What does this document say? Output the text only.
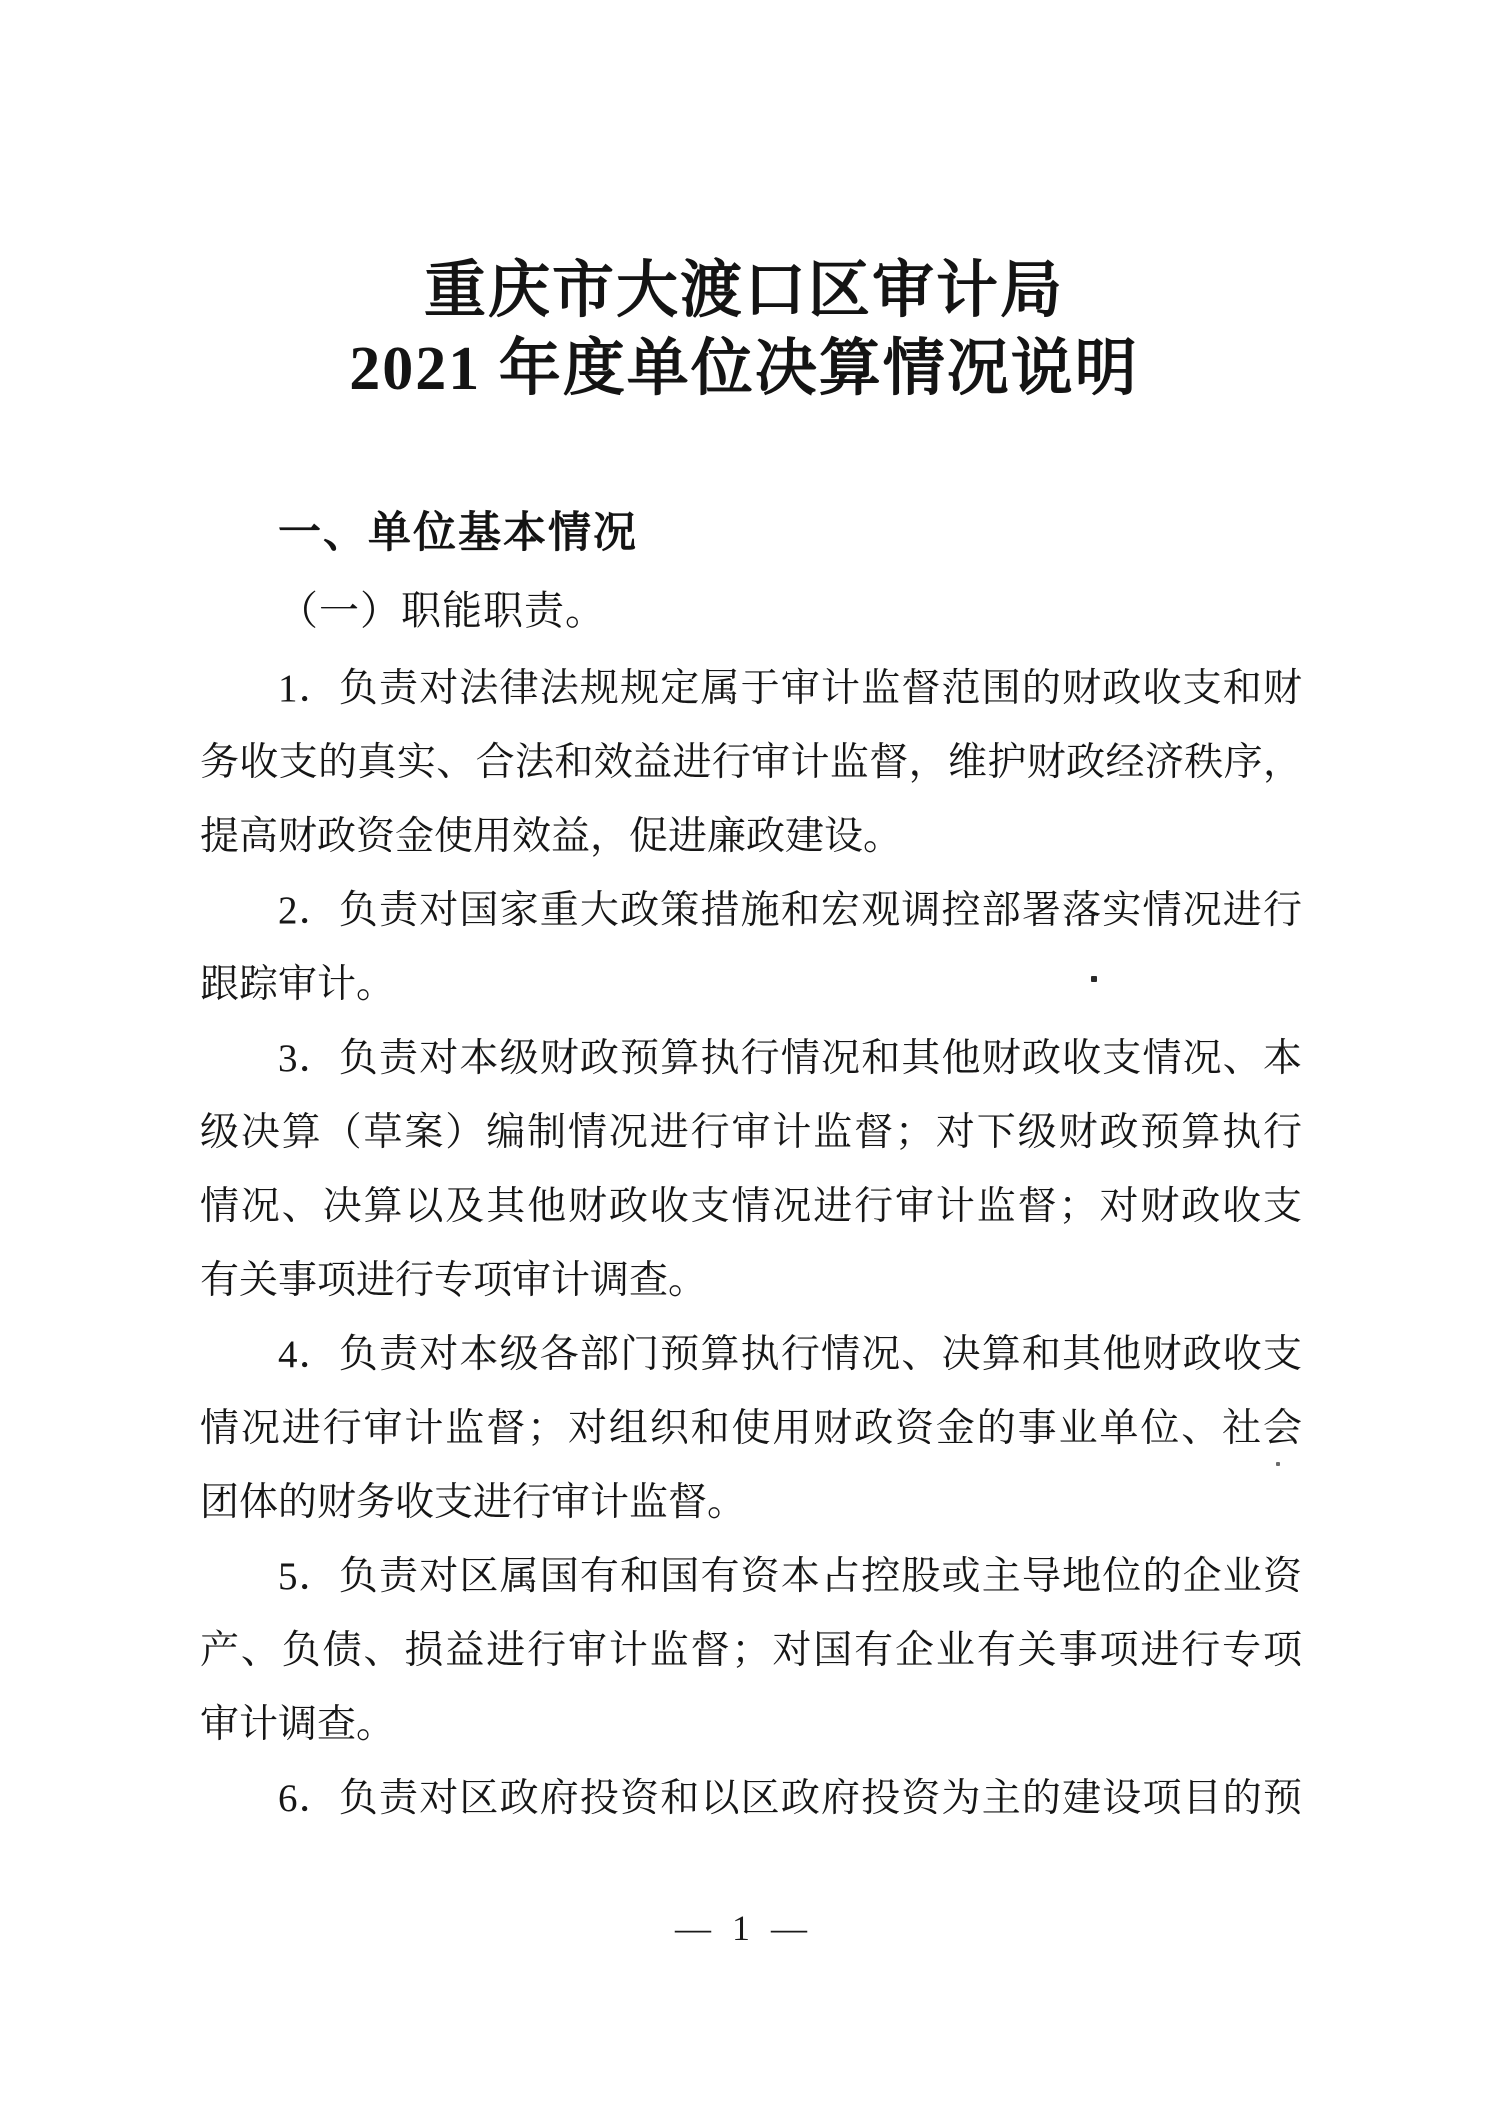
重庆市大渡口区审计局
2021 年度单位决算情况说明
一、单位基本情况
（一）职能职责。
1．负责对法律法规规定属于审计监督范围的财政收支和财
务收支的真实、合法和效益进行审计监督，维护财政经济秩序，
提高财政资金使用效益，促进廉政建设。
2．负责对国家重大政策措施和宏观调控部署落实情况进行
跟踪审计。
3．负责对本级财政预算执行情况和其他财政收支情况、本
级决算（草案）编制情况进行审计监督；对下级财政预算执行
情况、决算以及其他财政收支情况进行审计监督；对财政收支
有关事项进行专项审计调查。
4．负责对本级各部门预算执行情况、决算和其他财政收支
情况进行审计监督；对组织和使用财政资金的事业单位、社会
团体的财务收支进行审计监督。
5．负责对区属国有和国有资本占控股或主导地位的企业资
产、负债、损益进行审计监督；对国有企业有关事项进行专项
审计调查。
6．负责对区政府投资和以区政府投资为主的建设项目的预
— 1 —
